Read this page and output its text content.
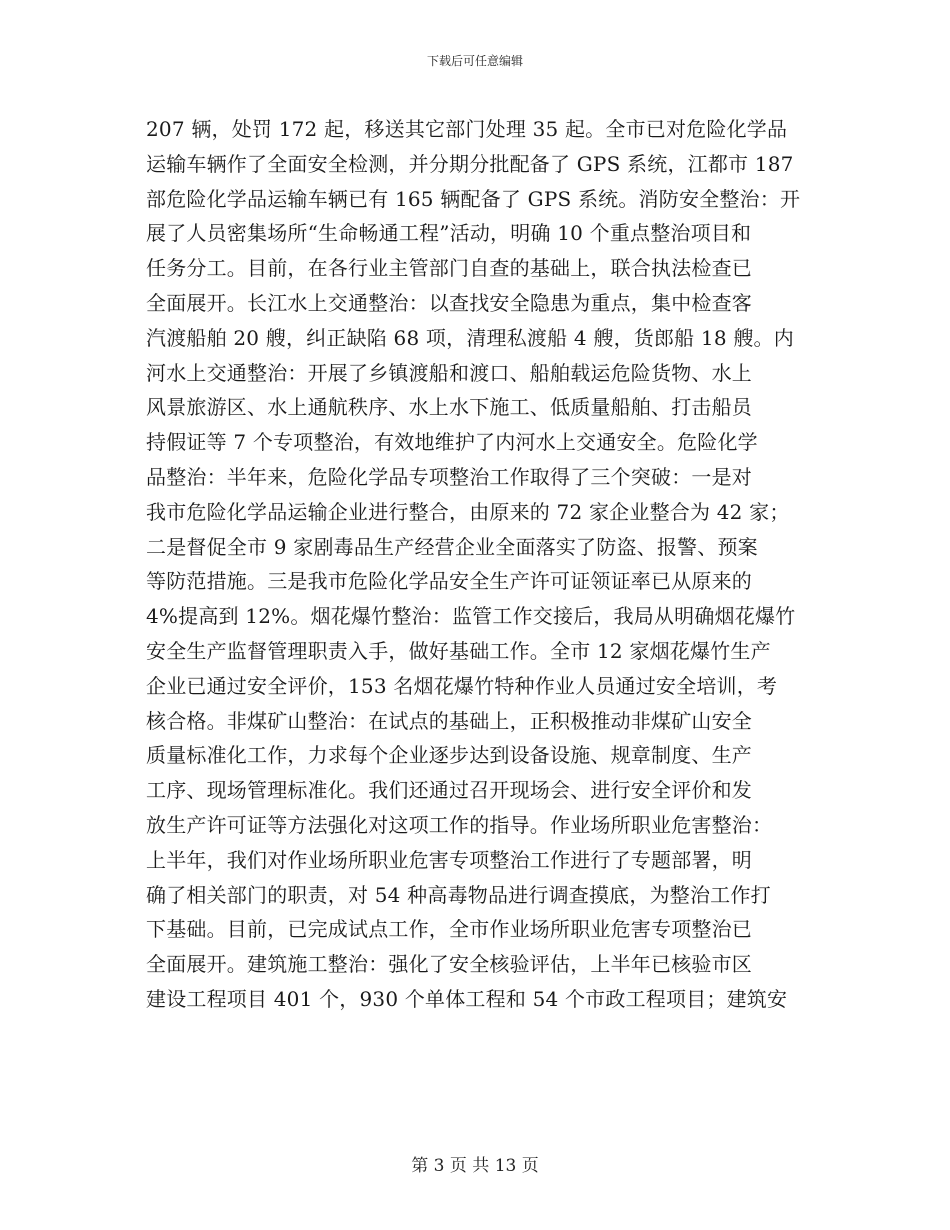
下载后可任意编辑
207 辆，处罚 172 起，移送其它部门处理 35 起。全市已对危险化学品
运输车辆作了全面安全检测，并分期分批配备了 GPS 系统，江都市 187
部危险化学品运输车辆已有 165 辆配备了 GPS 系统。消防安全整治：开
展了人员密集场所“生命畅通工程”活动，明确 10 个重点整治项目和
任务分工。目前，在各行业主管部门自查的基础上，联合执法检查已
全面展开。长江水上交通整治：以查找安全隐患为重点，集中检查客
汽渡船舶 20 艘，纠正缺陷 68 项，清理私渡船 4 艘，货郎船 18 艘。内
河水上交通整治：开展了乡镇渡船和渡口、船舶载运危险货物、水上
风景旅游区、水上通航秩序、水上水下施工、低质量船舶、打击船员
持假证等 7 个专项整治，有效地维护了内河水上交通安全。危险化学
品整治：半年来，危险化学品专项整治工作取得了三个突破：一是对
我市危险化学品运输企业进行整合，由原来的 72 家企业整合为 42 家；
二是督促全市 9 家剧毒品生产经营企业全面落实了防盗、报警、预案
等防范措施。三是我市危险化学品安全生产许可证领证率已从原来的
4%提高到 12%。烟花爆竹整治：监管工作交接后，我局从明确烟花爆竹
安全生产监督管理职责入手，做好基础工作。全市 12 家烟花爆竹生产
企业已通过安全评价，153 名烟花爆竹特种作业人员通过安全培训，考
核合格。非煤矿山整治：在试点的基础上，正积极推动非煤矿山安全
质量标准化工作，力求每个企业逐步达到设备设施、规章制度、生产
工序、现场管理标准化。我们还通过召开现场会、进行安全评价和发
放生产许可证等方法强化对这项工作的指导。作业场所职业危害整治：
上半年，我们对作业场所职业危害专项整治工作进行了专题部署，明
确了相关部门的职责，对 54 种高毒物品进行调查摸底，为整治工作打
下基础。目前，已完成试点工作，全市作业场所职业危害专项整治已
全面展开。建筑施工整治：强化了安全核验评估，上半年已核验市区
建设工程项目 401 个，930 个单体工程和 54 个市政工程项目；建筑安
第 3 页 共 13 页
